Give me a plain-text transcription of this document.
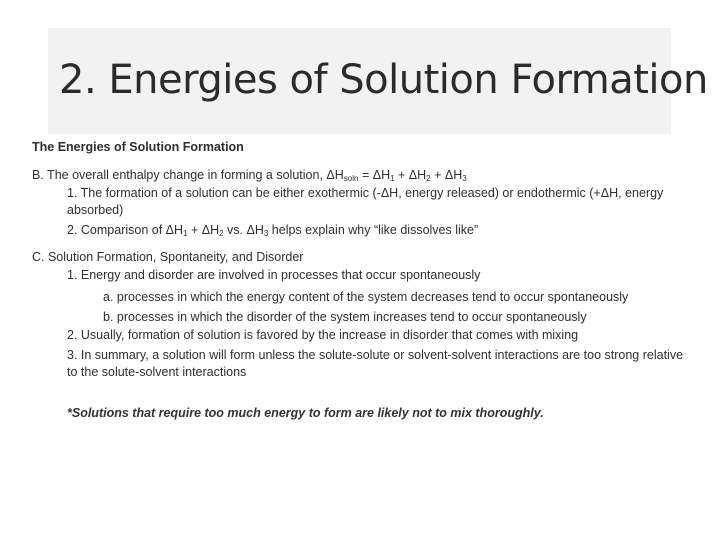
2. Energies of Solution Formation

The Energies of Solution Formation

B. The overall enthalpy change in forming a solution, $\Delta H_{soln} = \Delta H_1 + \Delta H_2 + \Delta H_3$

1. The formation of a solution can be either exothermic (-ΔH, energy released) or endothermic (+ΔH, energy absorbed)

2. Comparison of $\Delta H_1 + \Delta H_2$ vs. $\Delta H_3$ helps explain why “like dissolves like”

C. Solution Formation, Spontaneity, and Disorder

1. Energy and disorder are involved in processes that occur spontaneously

a. processes in which the energy content of the system decreases tend to occur spontaneously

b. processes in which the disorder of the system increases tend to occur spontaneously

2. Usually, formation of solution is favored by the increase in disorder that comes with mixing

3. In summary, a solution will form unless the solute-solute or solvent-solvent interactions are too strong relative to the solute-solvent interactions

*Solutions that require too much energy to form are likely not to mix thoroughly.
